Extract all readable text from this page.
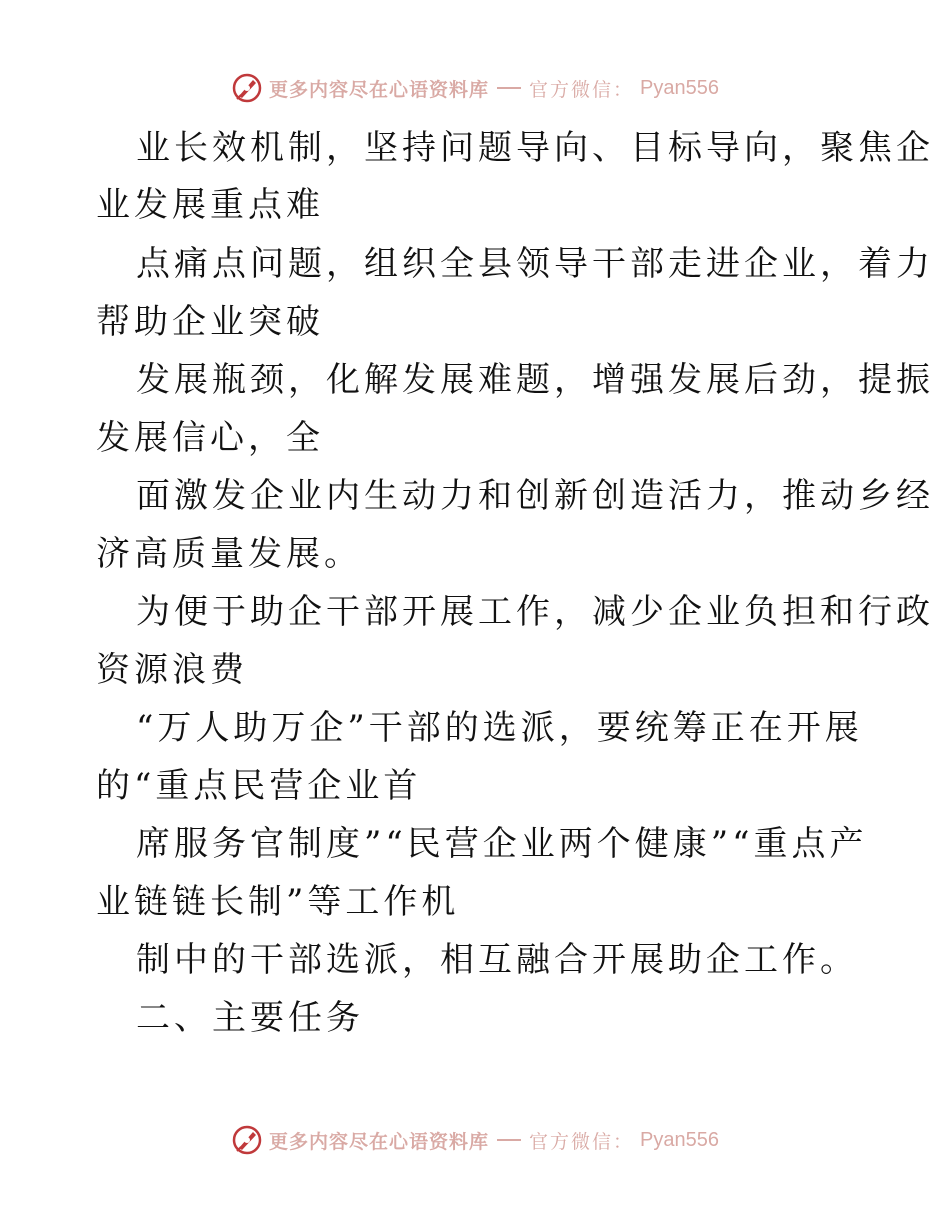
更多内容尽在心语资料库 官方微信： Pyan556
业长效机制，坚持问题导向、目标导向，聚焦企
业发展重点难
点痛点问题，组织全县领导干部走进企业，着力
帮助企业突破
发展瓶颈，化解发展难题，增强发展后劲，提振
发展信心，全
面激发企业内生动力和创新创造活力，推动乡经
济高质量发展。
为便于助企干部开展工作，减少企业负担和行政
资源浪费
“万人助万企”干部的选派，要统筹正在开展
的“重点民营企业首
席服务官制度”“民营企业两个健康”“重点产
业链链长制”等工作机
制中的干部选派，相互融合开展助企工作。
二、主要任务
更多内容尽在心语资料库 官方微信： Pyan556
